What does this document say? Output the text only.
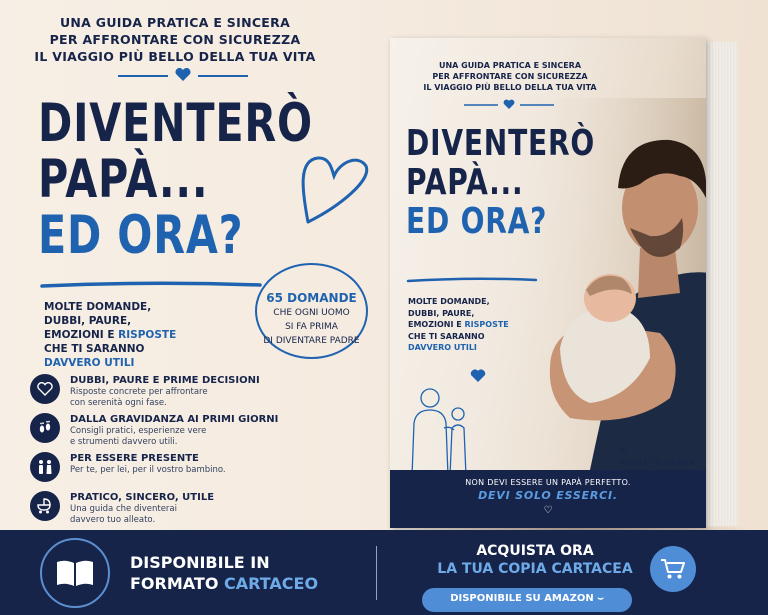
UNA GUIDA PRATICA E SINCERA
PER AFFRONTARE CON SICUREZZA
IL VIAGGIO PIÙ BELLO DELLA TUA VITA
DIVENTERÒ
PAPÀ...
ED ORA?
MOLTE DOMANDE,
DUBBI, PAURE,
EMOZIONI E RISPOSTE
CHE TI SARANNO
DAVVERO UTILI
65 DOMANDE
CHE OGNI UOMO
SI FA PRIMA
DI DIVENTARE PADRE
DUBBI, PAURE E PRIME DECISIONI
Risposte concrete per affrontare
con serenità ogni fase.
DALLA GRAVIDANZA AI PRIMI GIORNI
Consigli pratici, esperienze vere
e strumenti davvero utili.
PER ESSERE PRESENTE
Per te, per lei, per il vostro bambino.
PRATICO, SINCERO, UTILE
Una guida che diventerai
davvero tuo alleato.
UNA GUIDA PRATICA E SINCERA
PER AFFRONTARE CON SICUREZZA
IL VIAGGIO PIÙ BELLO DELLA TUA VITA
DIVENTERÒ
PAPÀ...
ED ORA?
MOLTE DOMANDE,
DUBBI, PAURE,
EMOZIONI E RISPOSTE
CHE TI SARANNO
DAVVERO UTILI
di
NICOLA TRUSSARDI
NON DEVI ESSERE UN PAPÀ PERFETTO.
DEVI SOLO ESSERCI.
♡
DISPONIBILE IN
FORMATO CARTACEO
ACQUISTA ORA
LA TUA COPIA CARTACEA
DISPONIBILE SU AMAZON ⌣
